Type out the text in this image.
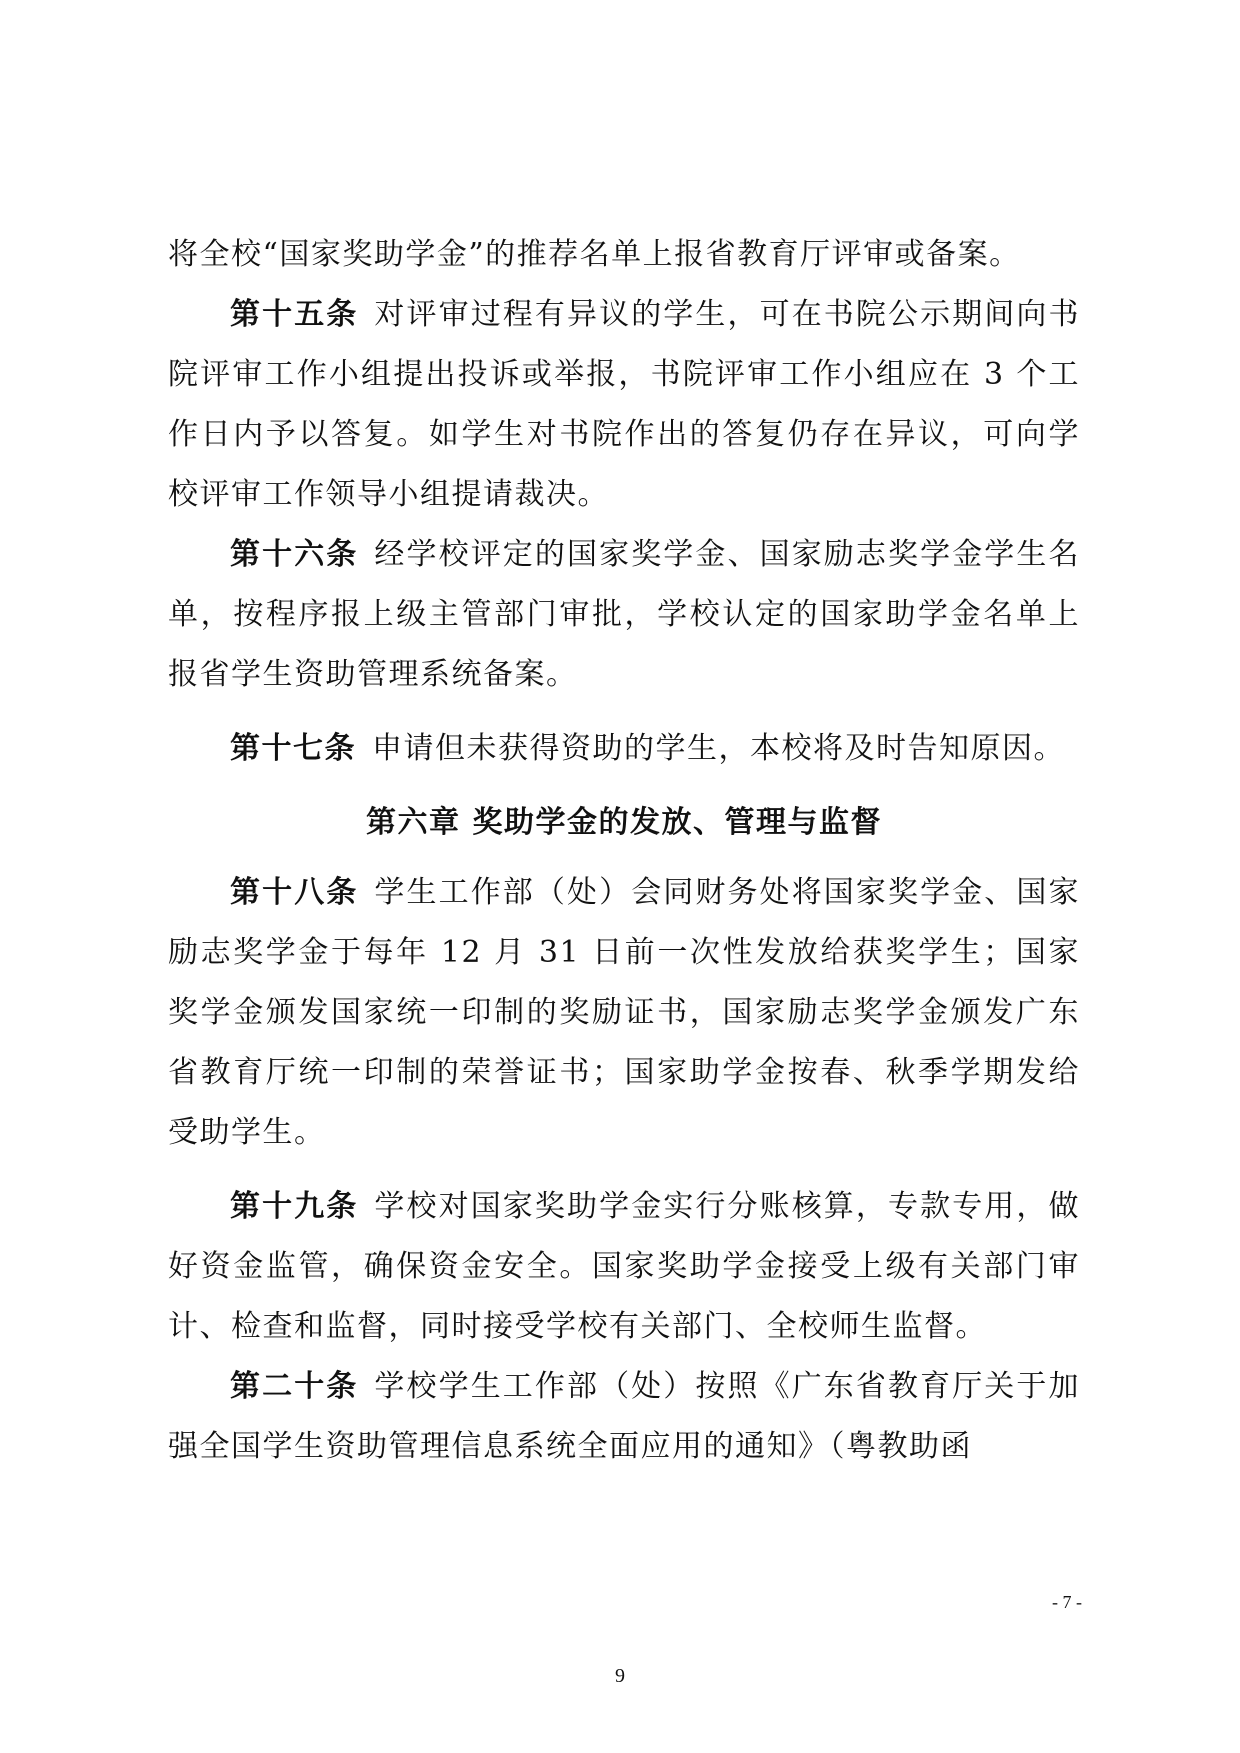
将全校“国家奖助学金”的推荐名单上报省教育厅评审或备案。

第十五条 对评审过程有异议的学生，可在书院公示期间向书院评审工作小组提出投诉或举报，书院评审工作小组应在 3 个工作日内予以答复。如学生对书院作出的答复仍存在异议，可向学校评审工作领导小组提请裁决。

第十六条 经学校评定的国家奖学金、国家励志奖学金学生名单，按程序报上级主管部门审批，学校认定的国家助学金名单上报省学生资助管理系统备案。

第十七条 申请但未获得资助的学生，本校将及时告知原因。

第六章 奖助学金的发放、管理与监督

第十八条 学生工作部（处）会同财务处将国家奖学金、国家励志奖学金于每年 12 月 31 日前一次性发放给获奖学生；国家奖学金颁发国家统一印制的奖励证书，国家励志奖学金颁发广东省教育厅统一印制的荣誉证书；国家助学金按春、秋季学期发给受助学生。

第十九条 学校对国家奖助学金实行分账核算，专款专用，做好资金监管，确保资金安全。国家奖助学金接受上级有关部门审计、检查和监督，同时接受学校有关部门、全校师生监督。

第二十条 学校学生工作部（处）按照《广东省教育厅关于加强全国学生资助管理信息系统全面应用的通知》（粤教助函

- 7 -
9
